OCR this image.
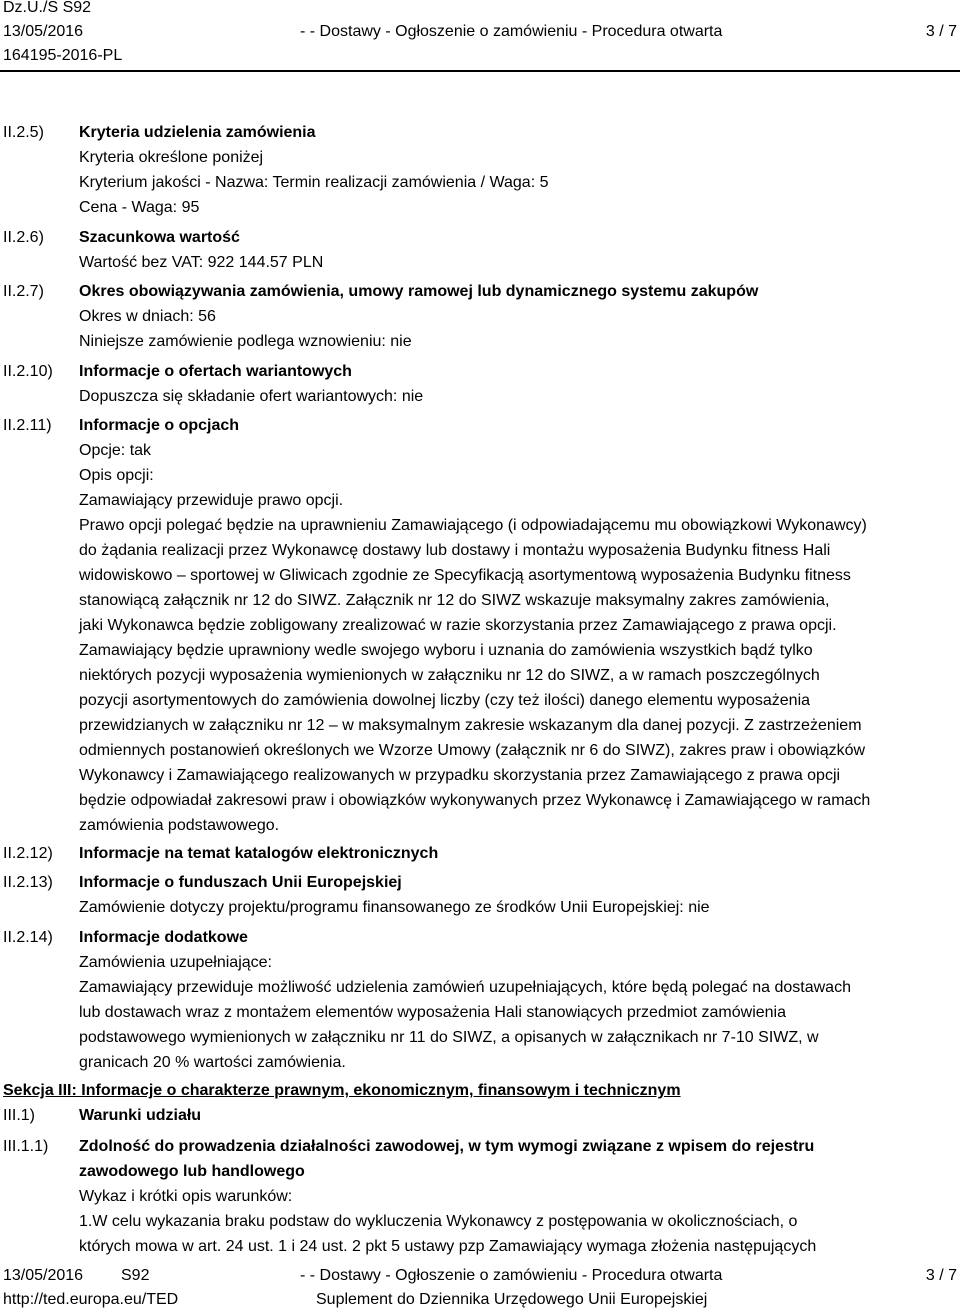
Dz.U./S S92
13/05/2016	- - Dostawy - Ogłoszenie o zamówieniu - Procedura otwarta	3 / 7
164195-2016-PL
II.2.5) Kryteria udzielenia zamówienia
Kryteria określone poniżej
Kryterium jakości - Nazwa: Termin realizacji zamówienia / Waga: 5
Cena - Waga: 95
II.2.6) Szacunkowa wartość
Wartość bez VAT: 922 144.57 PLN
II.2.7) Okres obowiązywania zamówienia, umowy ramowej lub dynamicznego systemu zakupów
Okres w dniach: 56
Niniejsze zamówienie podlega wznowieniu: nie
II.2.10) Informacje o ofertach wariantowych
Dopuszcza się składanie ofert wariantowych: nie
II.2.11) Informacje o opcjach
Opcje: tak
Opis opcji:
Zamawiający przewiduje prawo opcji.
Prawo opcji polegać będzie na uprawnieniu Zamawiającego (i odpowiadającemu mu obowiązkowi Wykonawcy)
do żądania realizacji przez Wykonawcę dostawy lub dostawy i montażu wyposażenia Budynku fitness Hali
widowiskowo – sportowej w Gliwicach zgodnie ze Specyfikacją asortymentową wyposażenia Budynku fitness
stanowiącą załącznik nr 12 do SIWZ. Załącznik nr 12 do SIWZ wskazuje maksymalny zakres zamówienia,
jaki Wykonawca będzie zobligowany zrealizować w razie skorzystania przez Zamawiającego z prawa opcji.
Zamawiający będzie uprawniony wedle swojego wyboru i uznania do zamówienia wszystkich bądź tylko
niektórych pozycji wyposażenia wymienionych w załączniku nr 12 do SIWZ, a w ramach poszczególnych
pozycji asortymentowych do zamówienia dowolnej liczby (czy też ilości) danego elementu wyposażenia
przewidzianych w załączniku nr 12 – w maksymalnym zakresie wskazanym dla danej pozycji. Z zastrzeżeniem
odmiennych postanowień określonych we Wzorze Umowy (załącznik nr 6 do SIWZ), zakres praw i obowiązków
Wykonawcy i Zamawiającego realizowanych w przypadku skorzystania przez Zamawiającego z prawa opcji
będzie odpowiadał zakresowi praw i obowiązków wykonywanych przez Wykonawcę i Zamawiającego w ramach
zamówienia podstawowego.
II.2.12) Informacje na temat katalogów elektronicznych
II.2.13) Informacje o funduszach Unii Europejskiej
Zamówienie dotyczy projektu/programu finansowanego ze środków Unii Europejskiej: nie
II.2.14) Informacje dodatkowe
Zamówienia uzupełniające:
Zamawiający przewiduje możliwość udzielenia zamówień uzupełniających, które będą polegać na dostawach
lub dostawach wraz z montażem elementów wyposażenia Hali stanowiących przedmiot zamówienia
podstawowego wymienionych w załączniku nr 11 do SIWZ, a opisanych w załącznikach nr 7-10 SIWZ, w
granicach 20 % wartości zamówienia.
Sekcja III: Informacje o charakterze prawnym, ekonomicznym, finansowym i technicznym
III.1)	Warunki udziału
III.1.1) Zdolność do prowadzenia działalności zawodowej, w tym wymogi związane z wpisem do rejestru
zawodowego lub handlowego
Wykaz i krótki opis warunków:
1.W celu wykazania braku podstaw do wykluczenia Wykonawcy z postępowania w okolicznościach, o
których mowa w art. 24 ust. 1 i 24 ust. 2 pkt 5 ustawy pzp Zamawiający wymaga złożenia następujących
13/05/2016 S92	- - Dostawy - Ogłoszenie o zamówieniu - Procedura otwarta	3 / 7
http://ted.europa.eu/TED	Suplement do Dziennika Urzędowego Unii Europejskiej
